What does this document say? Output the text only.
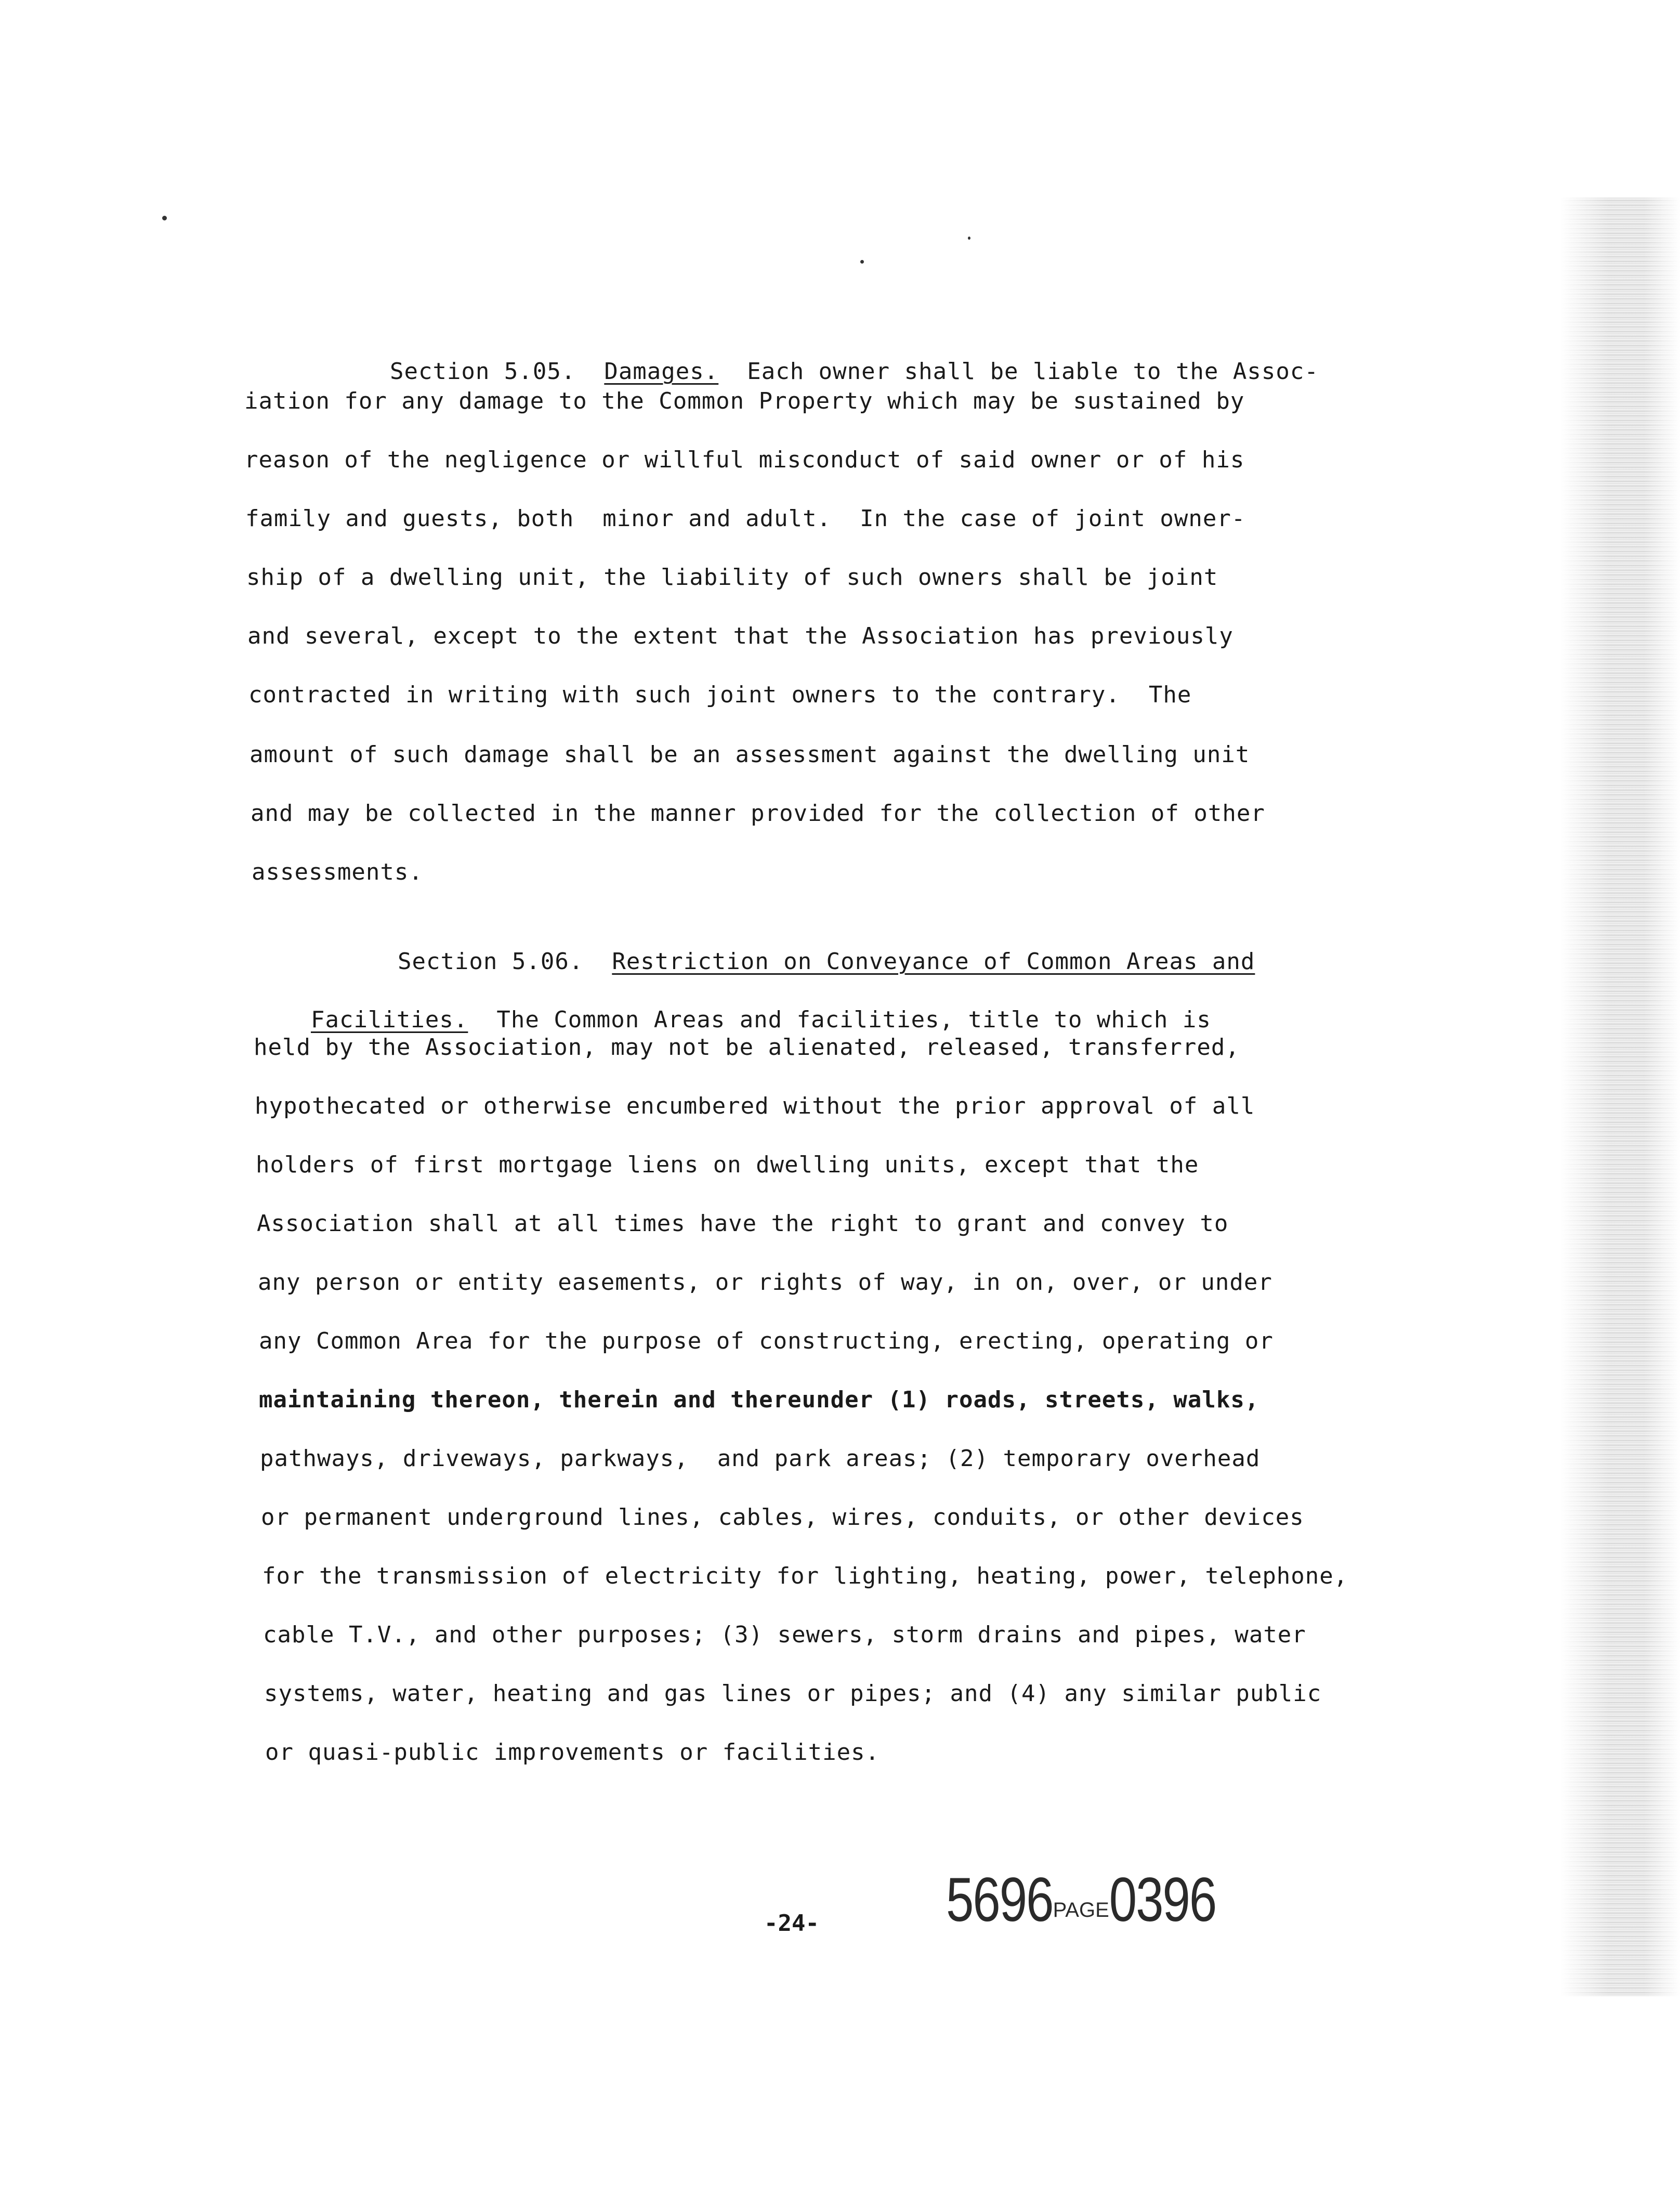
Section 5.05. Damages. Each owner shall be liable to the Assoc-

iation for any damage to the Common Property which may be sustained by
reason of the negligence or willful misconduct of said owner or of his
family and guests, both  minor and adult.  In the case of joint owner-
ship of a dwelling unit, the liability of such owners shall be joint
and several, except to the extent that the Association has previously
contracted in writing with such joint owners to the contrary.  The
amount of such damage shall be an assessment against the dwelling unit
and may be collected in the manner provided for the collection of other
assessments.

Section 5.06. Restriction on Conveyance of Common Areas and

Facilities. The Common Areas and facilities, title to which is

held by the Association, may not be alienated, released, transferred,
hypothecated or otherwise encumbered without the prior approval of all
holders of first mortgage liens on dwelling units, except that the
Association shall at all times have the right to grant and convey to
any person or entity easements, or rights of way, in on, over, or under
any Common Area for the purpose of constructing, erecting, operating or
maintaining thereon, therein and thereunder (1) roads, streets, walks,
pathways, driveways, parkways,  and park areas; (2) temporary overhead
or permanent underground lines, cables, wires, conduits, or other devices
for the transmission of electricity for lighting, heating, power, telephone,
cable T.V., and other purposes; (3) sewers, storm drains and pipes, water
systems, water, heating and gas lines or pipes; and (4) any similar public
or quasi-public improvements or facilities.
-24-	5696PAGE0396
